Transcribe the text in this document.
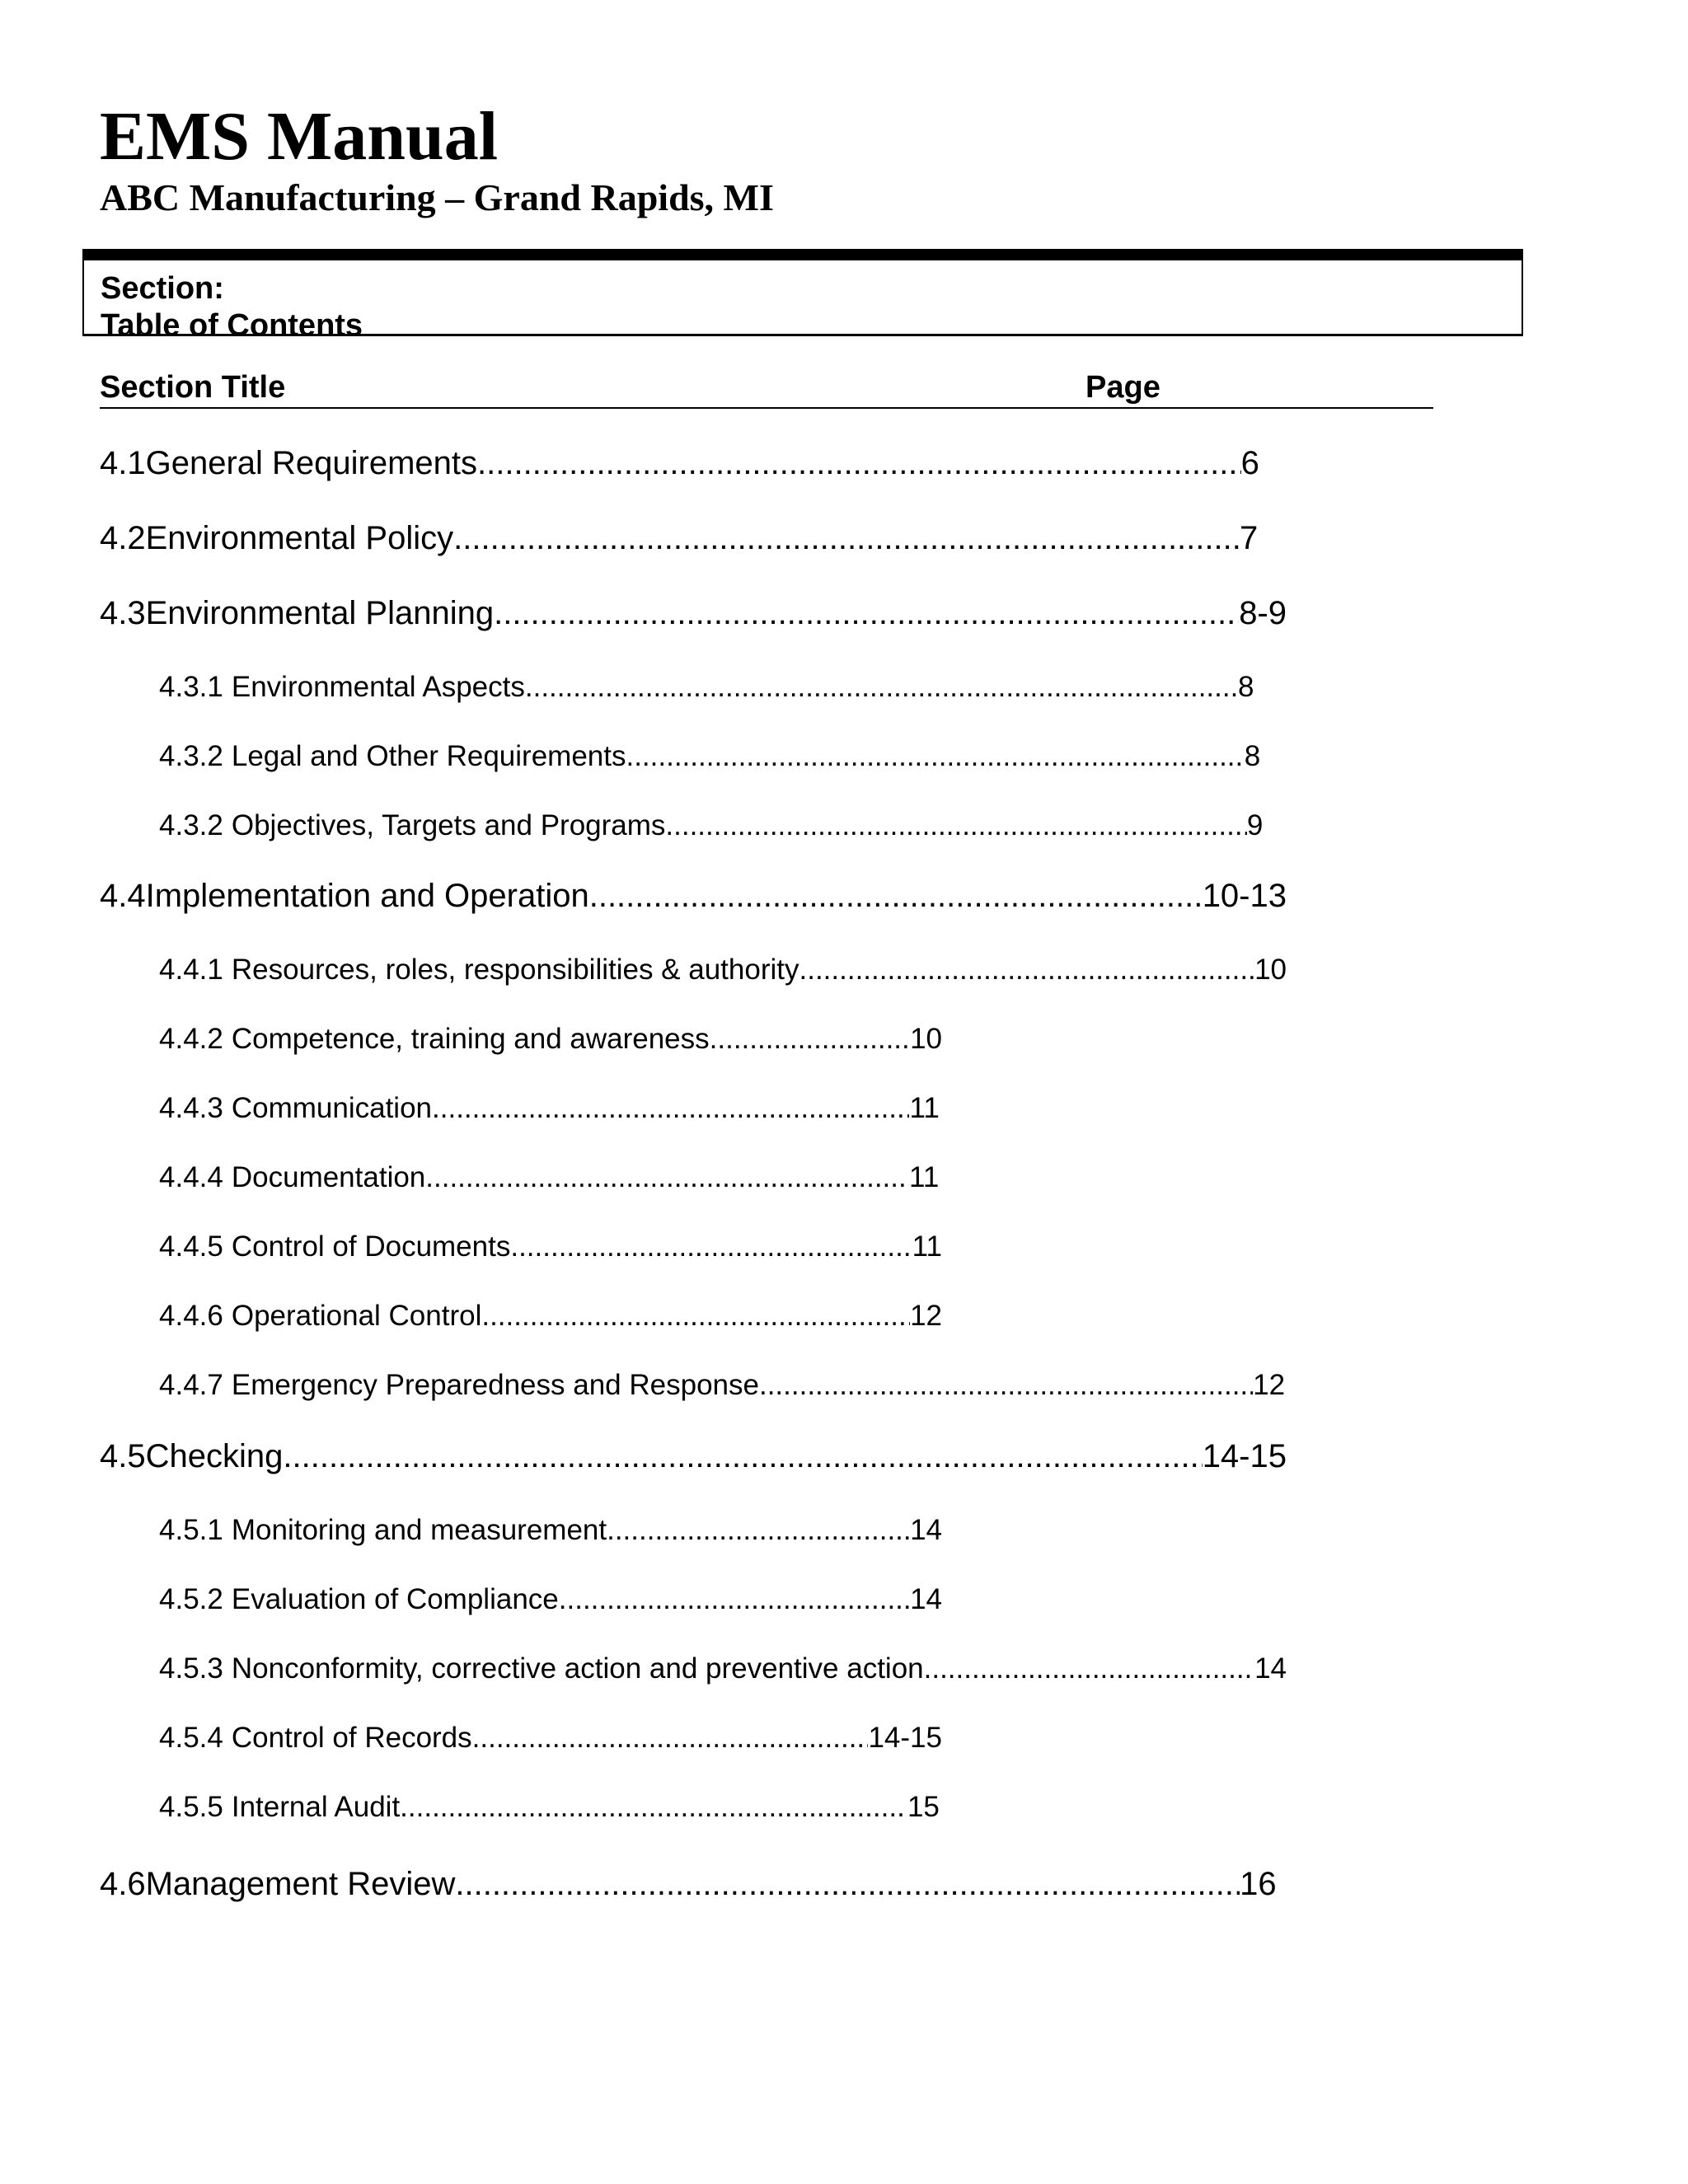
EMS Manual
ABC Manufacturing – Grand Rapids, MI
Section:
Table of Contents
Section Title	Page
4.1 General Requirements .....	6
4.2 Environmental Policy .....	7
4.3 Environmental Planning .....	8-9
4.3.1 Environmental Aspects .....	8
4.3.2 Legal and Other Requirements .....	8
4.3.2 Objectives, Targets and Programs .....	9
4.4 Implementation and Operation .....	10-13
4.4.1 Resources, roles, responsibilities & authority .....	10
4.4.2 Competence, training and awareness .....	10
4.4.3 Communication .....	11
4.4.4 Documentation .....	11
4.4.5 Control of Documents .....	11
4.4.6 Operational Control .....	12
4.4.7 Emergency Preparedness and Response .....	12
4.5 Checking .....	14-15
4.5.1 Monitoring and measurement .....	14
4.5.2 Evaluation of Compliance .....	14
4.5.3 Nonconformity, corrective action and preventive action .....	14
4.5.4 Control of Records .....	14-15
4.5.5 Internal Audit .....	15
4.6 Management Review .....	16
